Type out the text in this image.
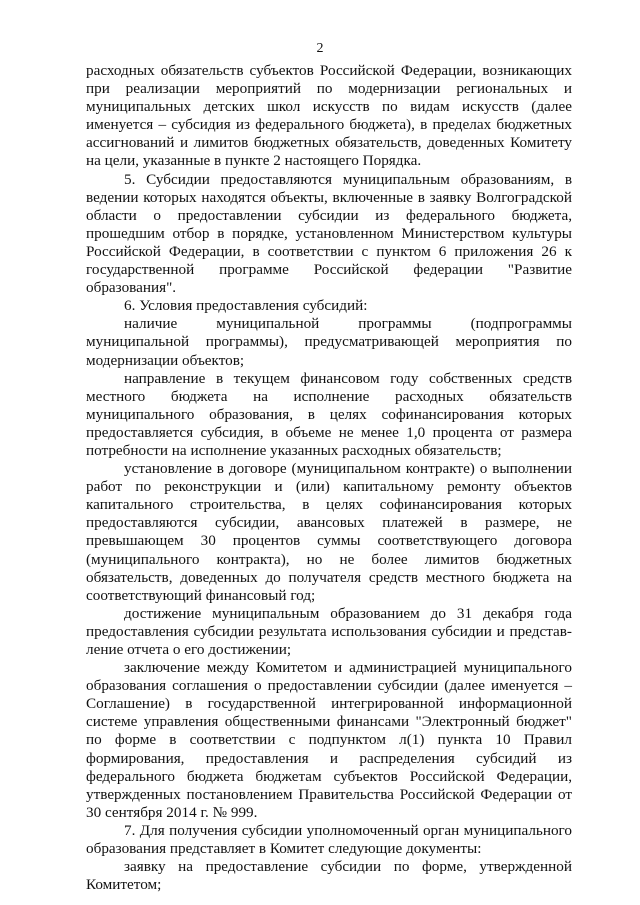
2

расходных обязательств субъектов Российской Федерации, возникающих при реализации мероприятий по модернизации региональных и муниципальных детских школ искусств по видам искусств (далее именуется – субсидия из федерального бюджета), в пределах бюджетных ассигнований и лимитов бюджетных обязательств, доведенных Комитету на цели, указанные в пункте 2 настоящего Порядка.

5. Субсидии предоставляются муниципальным образованиям, в ведении которых находятся объекты, включенные в заявку Волгоградской области о предоставлении субсидии из федерального бюджета, прошедшим отбор в порядке, установленном Министерством культуры Российской Федерации, в соответствии с пунктом 6 приложения 26 к государственной программе Российской федерации "Развитие образования".

6. Условия предоставления субсидий:

наличие муниципальной программы (подпрограммы муниципальной программы), предусматривающей мероприятия по модернизации объектов;

направление в текущем финансовом году собственных средств местного бюджета на исполнение расходных обязательств муниципального образования, в целях софинансирования которых предоставляется субсидия, в объеме не менее 1,0 процента от размера потребности на исполнение указанных расходных обязательств;

установление в договоре (муниципальном контракте) о выполнении работ по реконструкции и (или) капитальному ремонту объектов капитального строительства, в целях софинансирования которых предоставляются субсидии, авансовых платежей в размере, не превышающем 30 процентов суммы соответствующего договора (муниципального контракта), но не более лимитов бюджетных обязательств, доведенных до получателя средств местного бюджета на соответствующий финансовый год;

достижение муниципальным образованием до 31 декабря года предоставления субсидии результата использования субсидии и представ-ление отчета о его достижении;

заключение между Комитетом и администрацией муниципального образования соглашения о предоставлении субсидии (далее именуется – Соглашение) в государственной интегрированной информационной системе управления общественными финансами "Электронный бюджет" по форме в соответствии с подпунктом л(1) пункта 10 Правил формирования, предоставления и распределения субсидий из федерального бюджета бюджетам субъектов Российской Федерации, утвержденных постановлением Правительства Российской Федерации от 30 сентября 2014 г. № 999.

7. Для получения субсидии уполномоченный орган муниципального образования представляет в Комитет следующие документы:

заявку на предоставление субсидии по форме, утвержденной Комитетом;
